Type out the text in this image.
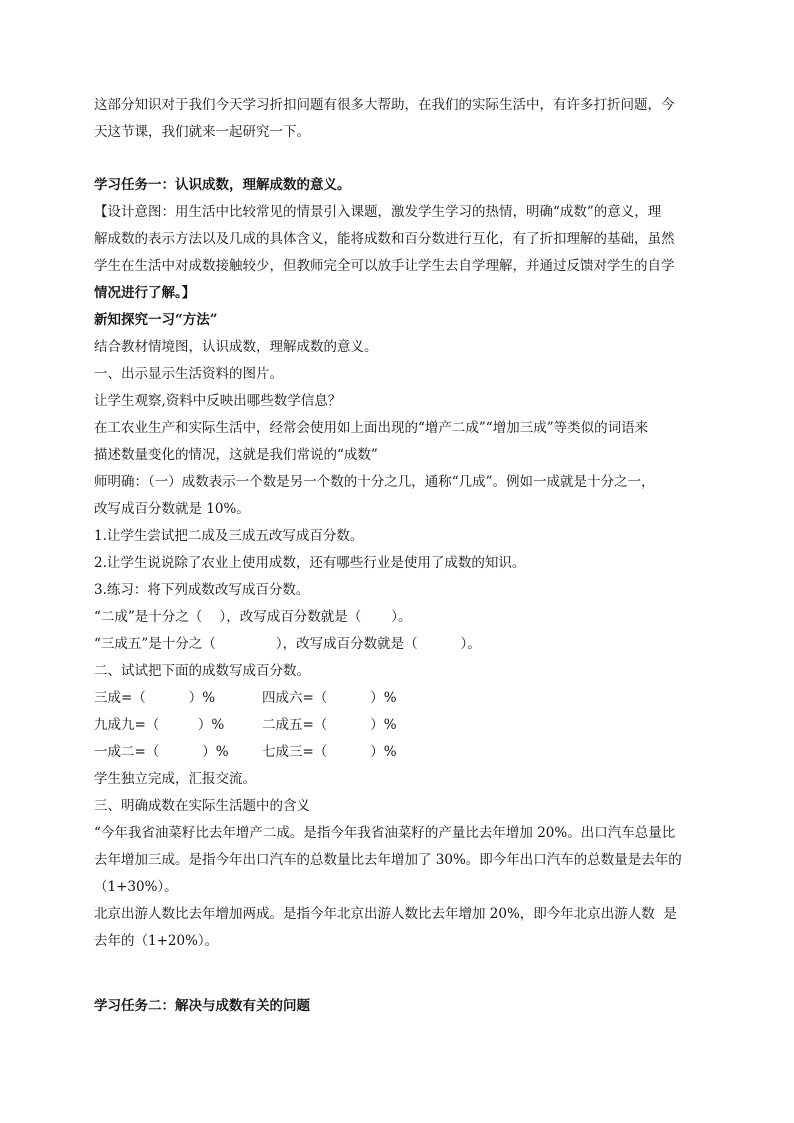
这部分知识对于我们今天学习折扣问题有很多大帮助，在我们的实际生活中，有许多打折问题，今

天这节课，我们就来一起研究一下。

学习任务一：认识成数，理解成数的意义。

【设计意图：用生活中比较常见的情景引入课题，激发学生学习的热情，明确“成数”的意义，理

解成数的表示方法以及几成的具体含义，能将成数和百分数进行互化，有了折扣理解的基础，虽然

学生在生活中对成数接触较少，但教师完全可以放手让学生去自学理解，并通过反馈对学生的自学

情况进行了解。】

新知探究一习“方法”

结合教材情境图，认识成数，理解成数的意义。

一、出示显示生活资料的图片。

让学生观察,资料中反映出哪些数学信息？

在工农业生产和实际生活中，经常会使用如上面出现的“增产二成”“增加三成”等类似的词语来

描述数量变化的情况，这就是我们常说的“成数”

师明确：（一）成数表示一个数是另一个数的十分之几，通称“几成”。例如一成就是十分之一，

改写成百分数就是 10%。

1.让学生尝试把二成及三成五改写成百分数。

2.让学生说说除了农业上使用成数，还有哪些行业是使用了成数的知识。

3.练习：将下列成数改写成百分数。

“二成”是十分之（    ），改写成百分数就是（       ）。

“三成五”是十分之（              ），改写成百分数就是（          ）。

二、试试把下面的成数写成百分数。

三成=（          ）%	四成六=（          ）%
九成九=（         ）%	二成五=（          ）%
一成二=（          ）%	七成三=（          ）%

学生独立完成，汇报交流。

三、明确成数在实际生活题中的含义

“今年我省油菜籽比去年增产二成。是指今年我省油菜籽的产量比去年增加 20%。出口汽车总量比

去年增加三成。是指今年出口汽车的总数量比去年增加了 30%。即今年出口汽车的总数量是去年的

（1+30%）。

北京出游人数比去年增加两成。是指今年北京出游人数比去年增加 20%，即今年北京出游人数  是

去年的（1+20%）。

学习任务二：解决与成数有关的问题
